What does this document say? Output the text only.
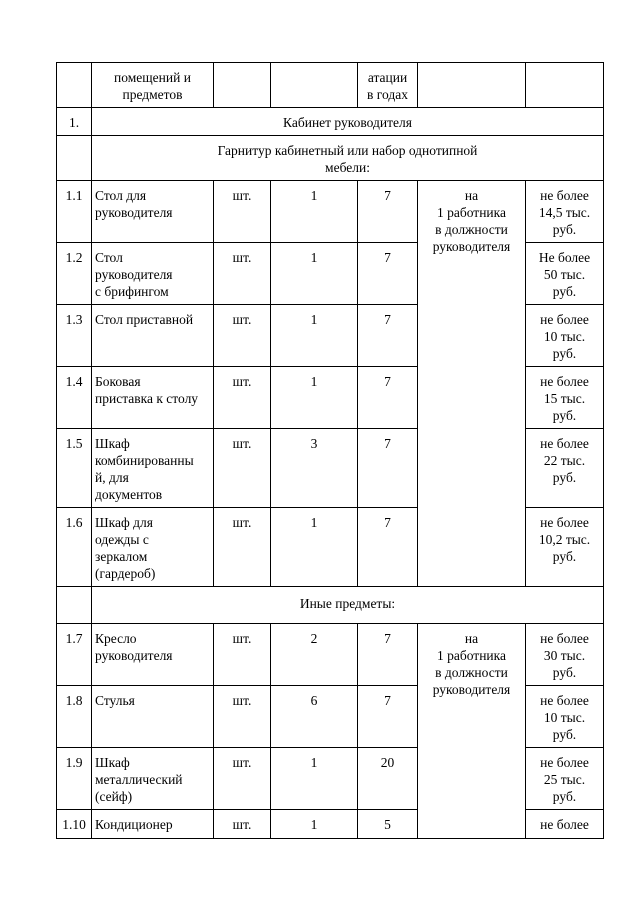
	помещений и
предметов			атации
в годах		
1.	Кабинет руководителя					
	Гарнитур кабинетный или набор однотипной
мебели:					
1.1	Стол для
руководителя	шт.	1	7	на
1 работника
в должности
руководителя	не более
14,5 тыс.
руб.
1.2	Стол
руководителя
с брифингом	шт.	1	7		Не более
50 тыс.
руб.
1.3	Стол приставной	шт.	1	7		не более
10 тыс.
руб.
1.4	Боковая
приставка к столу	шт.	1	7		не более
15 тыс.
руб.
1.5	Шкаф
комбинированны
й, для
документов	шт.	3	7		не более
22 тыс.
руб.
1.6	Шкаф для
одежды с
зеркалом
(гардероб)	шт.	1	7		не более
10,2 тыс.
руб.
	Иные предметы:					
1.7	Кресло
руководителя	шт.	2	7	на
1 работника
в должности
руководителя	не более
30 тыс.
руб.
1.8	Стулья	шт.	6	7		не более
10 тыс.
руб.
1.9	Шкаф
металлический
(сейф)	шт.	1	20		не более
25 тыс.
руб.
1.10	Кондиционер	шт.	1	5		не более
